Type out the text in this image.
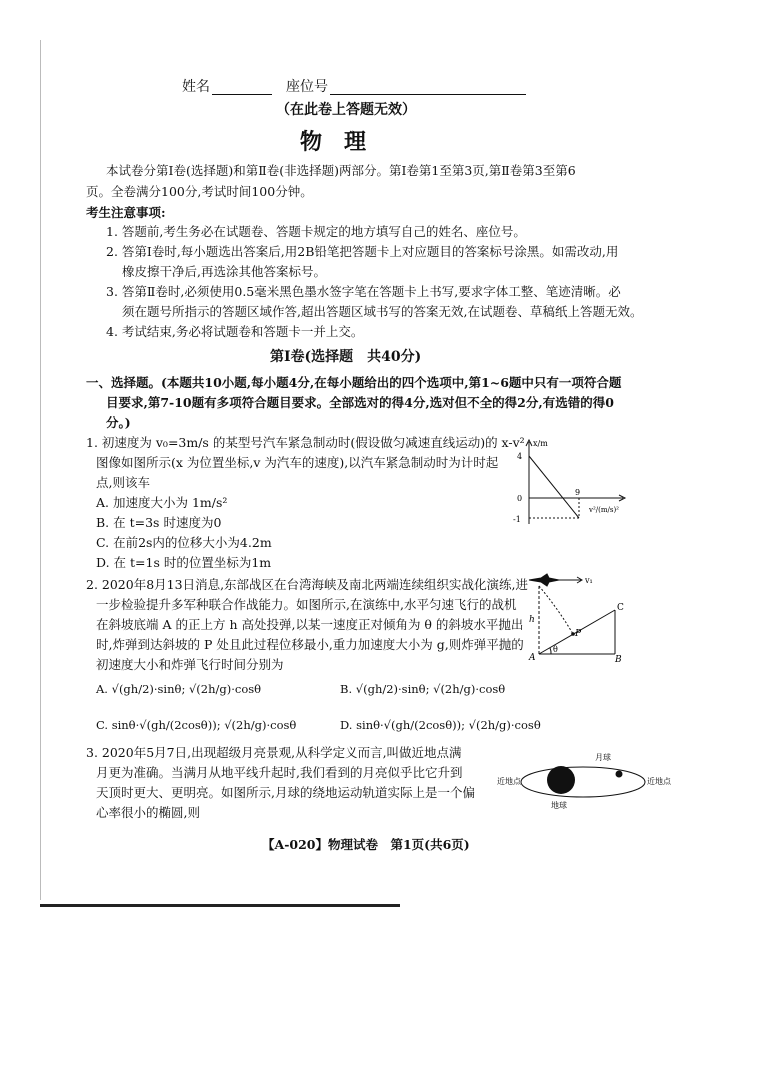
姓名	座位号
（在此卷上答题无效）
物　理
本试卷分第Ⅰ卷(选择题)和第Ⅱ卷(非选择题)两部分。第Ⅰ卷第1至第3页,第Ⅱ卷第3至第6
页。全卷满分100分,考试时间100分钟。
考生注意事项:
1. 答题前,考生务必在试题卷、答题卡规定的地方填写自己的姓名、座位号。
2. 答第Ⅰ卷时,每小题选出答案后,用2B铅笔把答题卡上对应题目的答案标号涂黑。如需改动,用
橡皮擦干净后,再选涂其他答案标号。
3. 答第Ⅱ卷时,必须使用0.5毫米黑色墨水签字笔在答题卡上书写,要求字体工整、笔迹清晰。必
须在题号所指示的答题区域作答,超出答题区域书写的答案无效,在试题卷、草稿纸上答题无效。
4. 考试结束,务必将试题卷和答题卡一并上交。
第Ⅰ卷(选择题　共40分)
一、选择题。(本题共10小题,每小题4分,在每小题给出的四个选项中,第1~6题中只有一项符合题
目要求,第7-10题有多项符合题目要求。全部选对的得4分,选对但不全的得2分,有选错的得0
分。)
1. 初速度为 v₀=3m/s 的某型号汽车紧急制动时(假设做匀减速直线运动)的 x-v²
图像如图所示(x 为位置坐标,v 为汽车的速度),以汽车紧急制动时为计时起
点,则该车
A. 加速度大小为 1m/s²
B. 在 t=3s 时速度为0
C. 在前2s内的位移大小为4.2m
D. 在 t=1s 时的位置坐标为1m
x/m
4
0
-1
9
v²/(m/s)²
2. 2020年8月13日消息,东部战区在台湾海峡及南北两端连续组织实战化演练,进
一步检验提升多军种联合作战能力。如图所示,在演练中,水平匀速飞行的战机
在斜坡底端 A 的正上方 h 高处投弹,以某一速度正对倾角为 θ 的斜坡水平抛出
时,炸弹到达斜坡的 P 处且此过程位移最小,重力加速度大小为 g,则炸弹平抛的
初速度大小和炸弹飞行时间分别为
A. √(gh/2)·sinθ; √(2h/g)·cosθ	B. √(gh/2)·sinθ; √(2h/g)·cosθ
C. sinθ·√(gh/(2cosθ)); √(2h/g)·cosθ	D. sinθ·√(gh/(2cosθ)); √(2h/g)·cosθ
v₁
h
C
P
A	B
θ
3. 2020年5月7日,出现超级月亮景观,从科学定义而言,叫做近地点满
月更为准确。当满月从地平线升起时,我们看到的月亮似乎比它升到
天顶时更大、更明亮。如图所示,月球的绕地运动轨道实际上是一个偏
心率很小的椭圆,则
月球
近地点	近地点
地球
【A-020】物理试卷　第1页(共6页)
